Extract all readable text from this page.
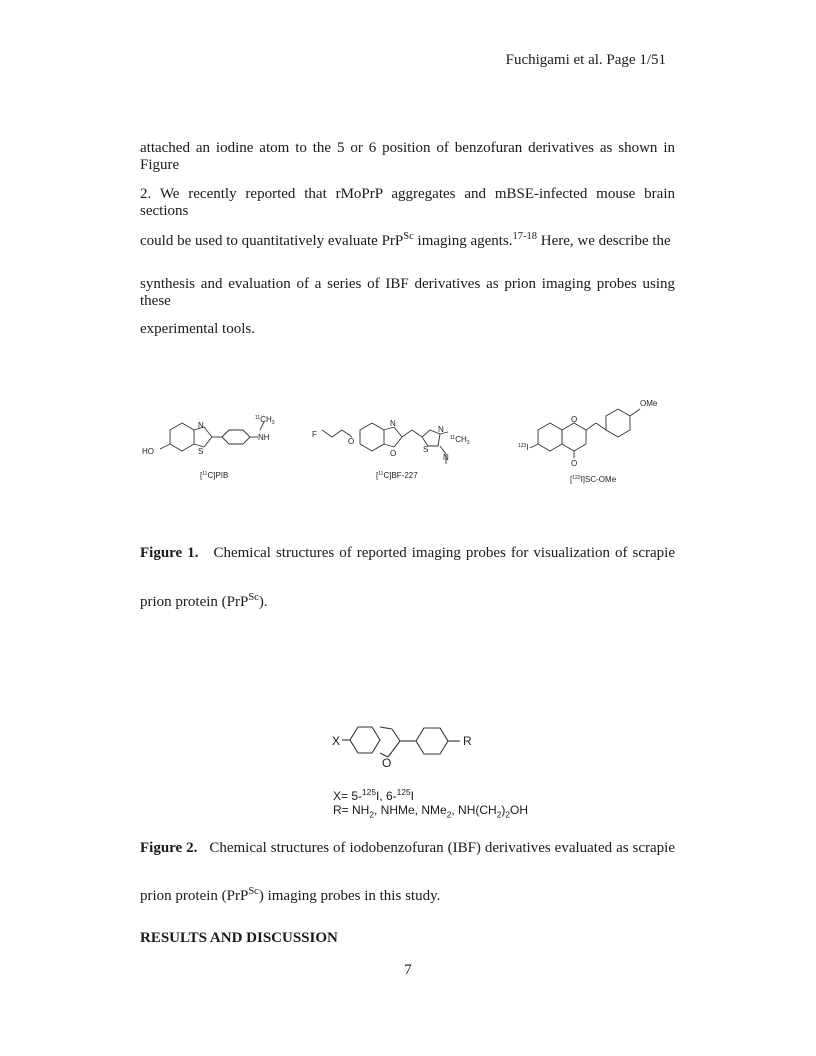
Fuchigami et al. Page 1/51
attached an iodine atom to the 5 or 6 position of benzofuran derivatives as shown in Figure
2. We recently reported that rMoPrP aggregates and mBSE-infected mouse brain sections
could be used to quantitatively evaluate PrP$^{Sc}$ imaging agents.$^{17-18}$ Here, we describe the
synthesis and evaluation of a series of IBF derivatives as prion imaging probes using these
experimental tools.
HO
N
S
NH
$^{11}CH_3$
[$^{11}$C]PIB
F
O
N
O
N
S
N
$^{11}CH_3$
[$^{11}$C]BF-227
O
OMe
$^{123}$I
O
[$^{123}$I]SC-OMe
Figure 1. Chemical structures of reported imaging probes for visualization of scrapie
prion protein (PrP$^{Sc}$).
X
O
R
X= 5-$^{125}$I, 6-$^{125}$I
$R= NH_2$, NHMe, NMe$_2$, $NH(CH_2)_2OH$
Figure 2. Chemical structures of iodobenzofuran (IBF) derivatives evaluated as scrapie
prion protein (PrP$^{Sc}$) imaging probes in this study.
RESULTS AND DISCUSSION
7
